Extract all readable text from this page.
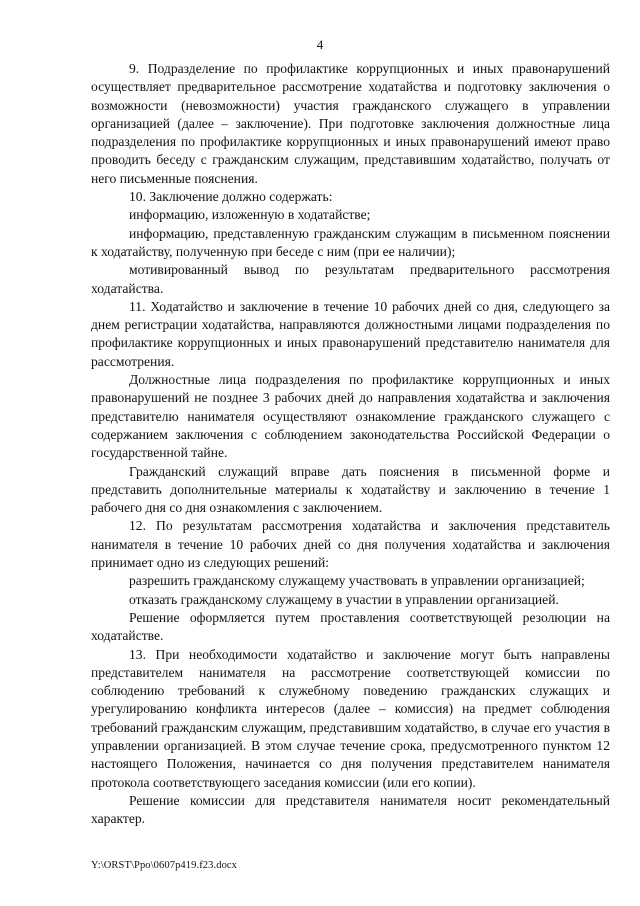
4

9. Подразделение по профилактике коррупционных и иных правонарушений осуществляет предварительное рассмотрение ходатайства и подготовку заключения о возможности (невозможности) участия гражданского служащего в управлении организацией (далее – заключение). При подготовке заключения должностные лица подразделения по профилактике коррупционных и иных правонарушений имеют право проводить беседу с гражданским служащим, представившим ходатайство, получать от него письменные пояснения.

10. Заключение должно содержать:

информацию, изложенную в ходатайстве;

информацию, представленную гражданским служащим в письменном пояснении к ходатайству, полученную при беседе с ним (при ее наличии);

мотивированный вывод по результатам предварительного рассмотрения ходатайства.

11. Ходатайство и заключение в течение 10 рабочих дней со дня, следующего за днем регистрации ходатайства, направляются должностными лицами подразделения по профилактике коррупционных и иных правонарушений представителю нанимателя для рассмотрения.

Должностные лица подразделения по профилактике коррупционных и иных правонарушений не позднее 3 рабочих дней до направления ходатайства и заключения представителю нанимателя осуществляют ознакомление гражданского служащего с содержанием заключения с соблюдением законодательства Российской Федерации о государственной тайне.

Гражданский служащий вправе дать пояснения в письменной форме и представить дополнительные материалы к ходатайству и заключению в течение 1 рабочего дня со дня ознакомления с заключением.

12. По результатам рассмотрения ходатайства и заключения представитель нанимателя в течение 10 рабочих дней со дня получения ходатайства и заключения принимает одно из следующих решений:

разрешить гражданскому служащему участвовать в управлении организацией;

отказать гражданскому служащему в участии в управлении организацией.

Решение оформляется путем проставления соответствующей резолюции на ходатайстве.

13. При необходимости ходатайство и заключение могут быть направлены представителем нанимателя на рассмотрение соответствующей комиссии по соблюдению требований к служебному поведению гражданских служащих и урегулированию конфликта интересов (далее – комиссия) на предмет соблюдения требований гражданским служащим, представившим ходатайство, в случае его участия в управлении организацией. В этом случае течение срока, предусмотренного пунктом 12 настоящего Положения, начинается со дня получения представителем нанимателя протокола соответствующего заседания комиссии (или его копии).

Решение комиссии для представителя нанимателя носит рекомендательный характер.

Y:\ORST\Ppo\0607p419.f23.docx
